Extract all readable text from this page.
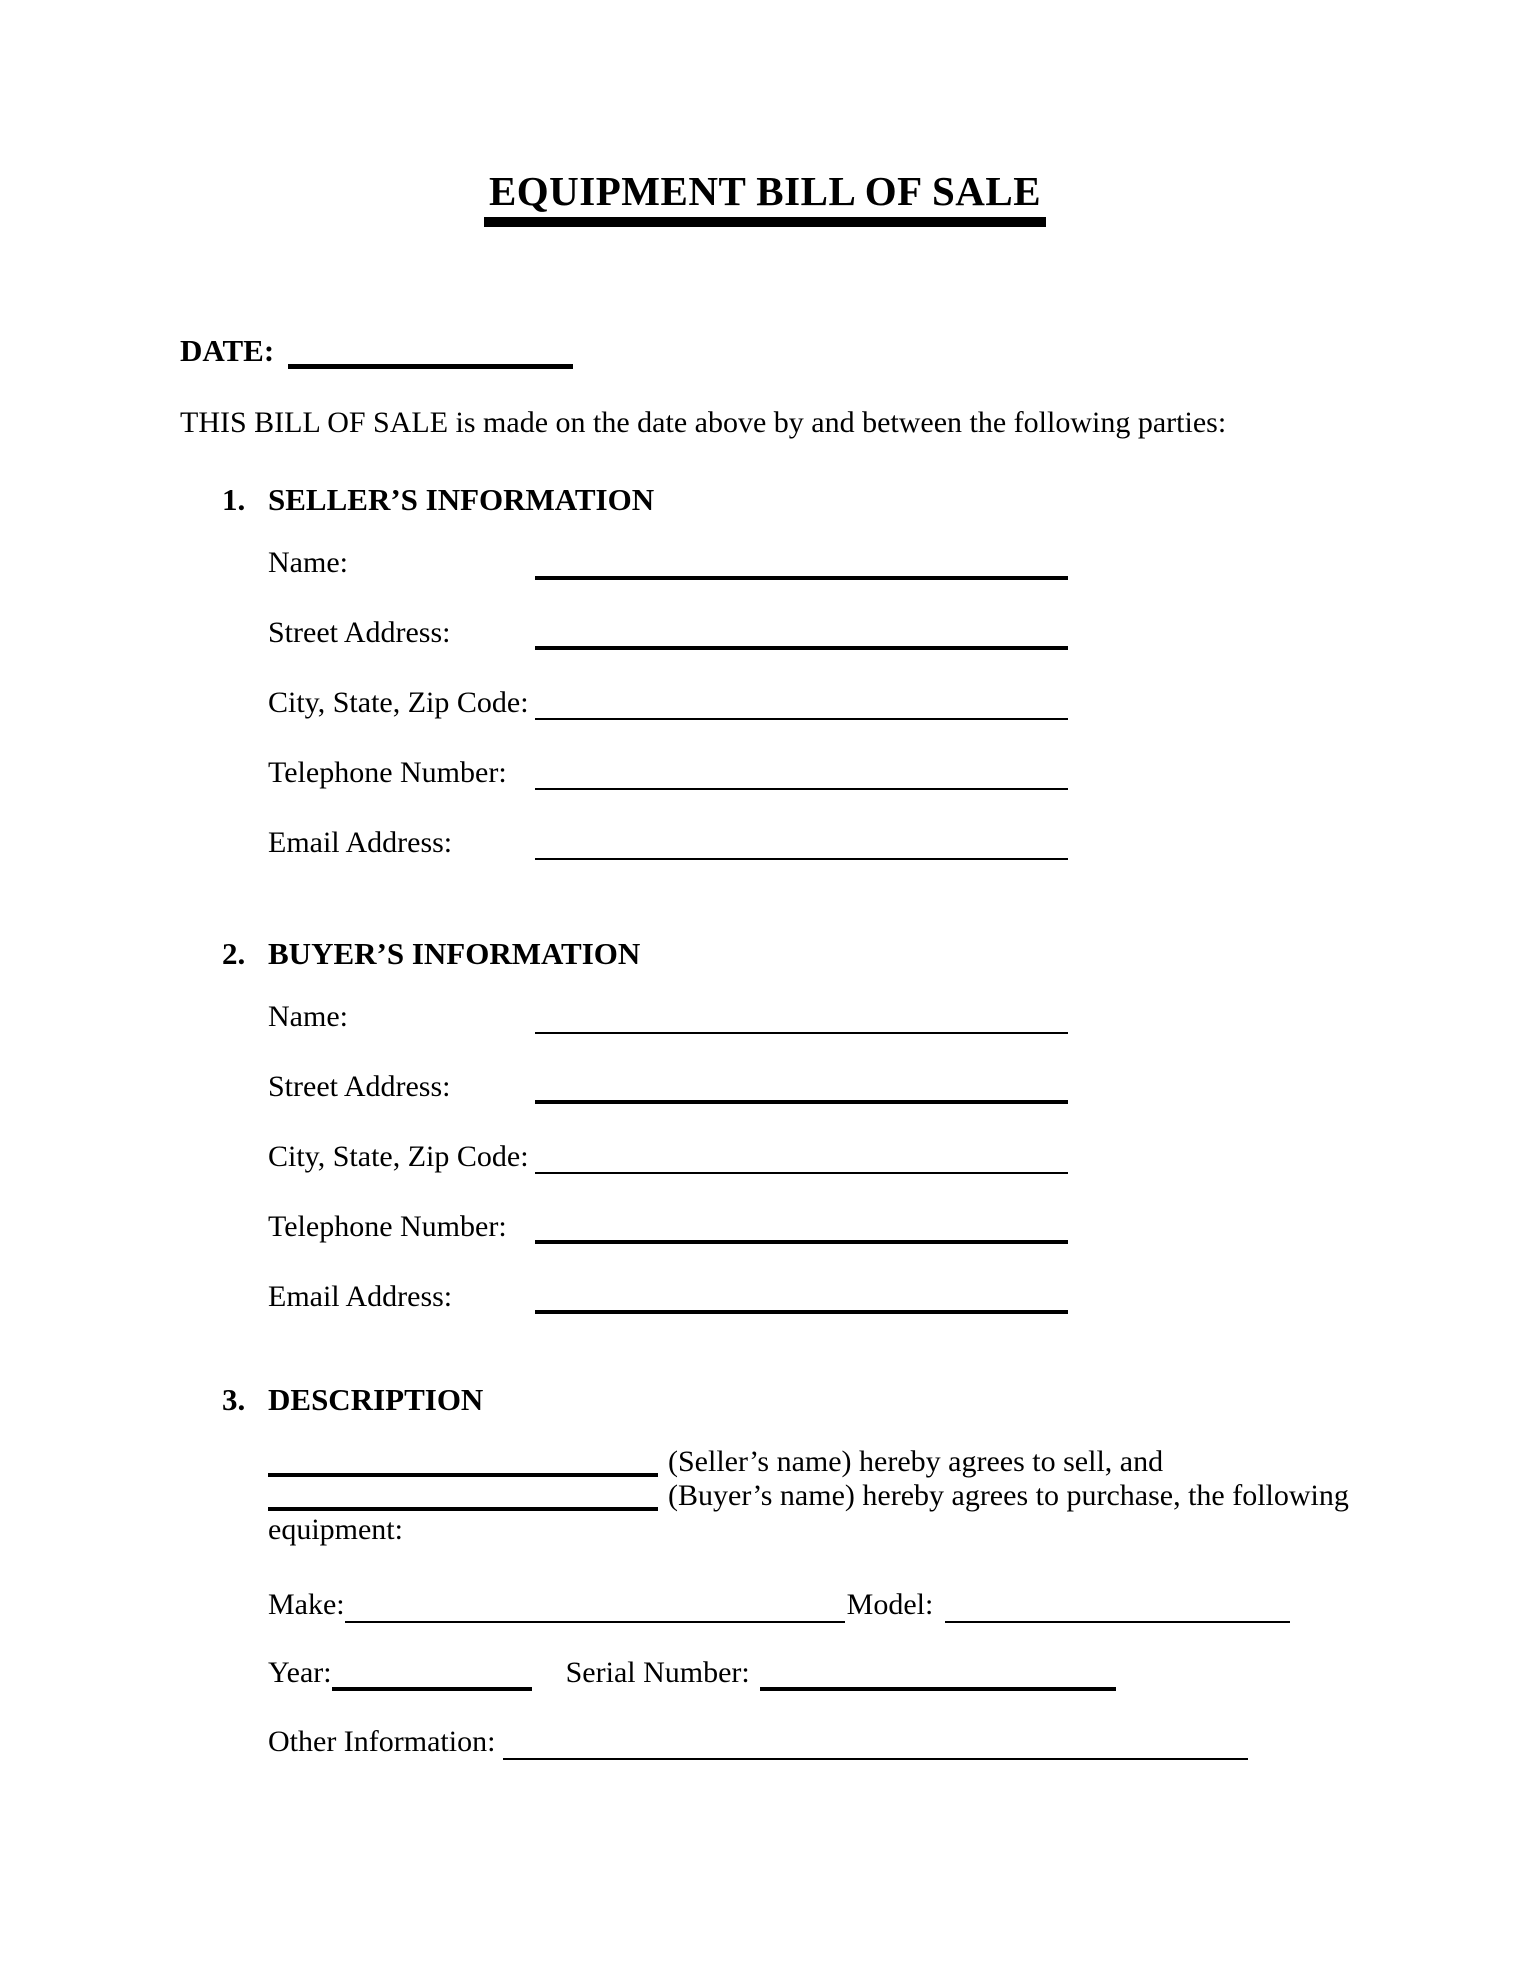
EQUIPMENT BILL OF SALE
DATE:
THIS BILL OF SALE is made on the date above by and between the following parties:
1. SELLER’S INFORMATION
Name:
Street Address:
City, State, Zip Code:
Telephone Number:
Email Address:
2. BUYER’S INFORMATION
Name:
Street Address:
City, State, Zip Code:
Telephone Number:
Email Address:
3. DESCRIPTION
(Seller’s name) hereby agrees to sell, and
(Buyer’s name) hereby agrees to purchase, the following
equipment:
Make:	Model:
Year:	Serial Number:
Other Information:
